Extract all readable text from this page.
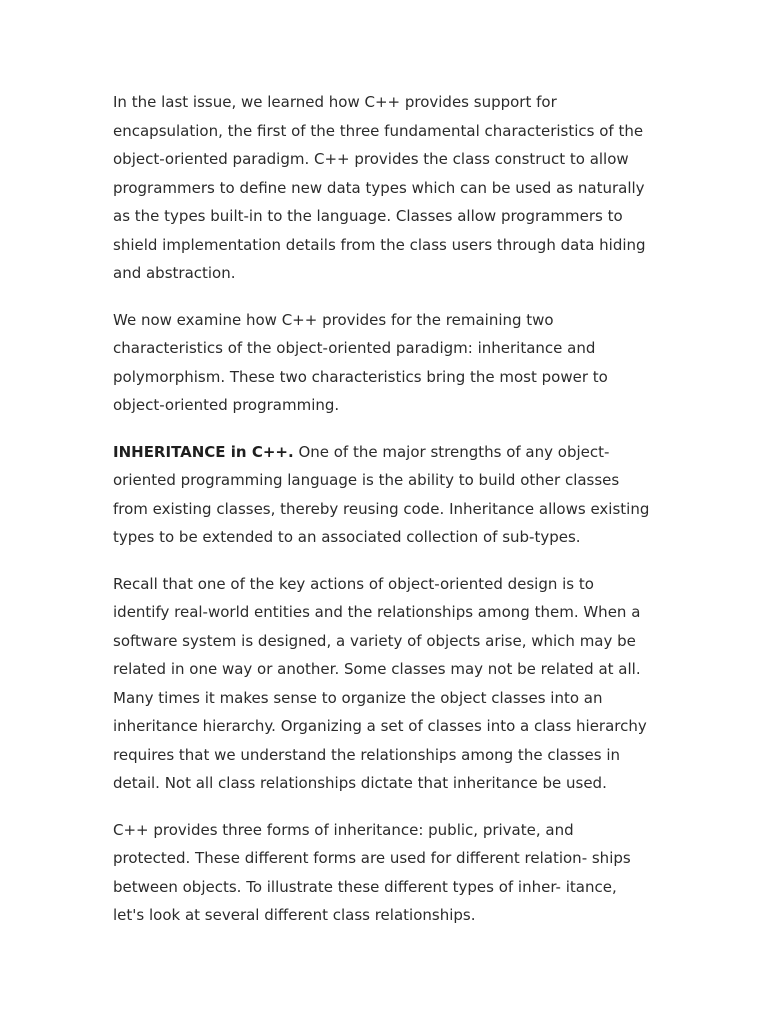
In the last issue, we learned how C++ provides support for
encapsulation, the first of the three fundamental characteristics of the
object-oriented paradigm. C++ provides the class construct to allow
programmers to define new data types which can be used as naturally
as the types built-in to the language. Classes allow programmers to
shield implementation details from the class users through data hiding
and abstraction.

We now examine how C++ provides for the remaining two
characteristics of the object-oriented paradigm: inheritance and
polymorphism. These two characteristics bring the most power to
object-oriented programming.

INHERITANCE in C++. One of the major strengths of any object-
oriented programming language is the ability to build other classes
from existing classes, thereby reusing code. Inheritance allows existing
types to be extended to an associated collection of sub-types.

Recall that one of the key actions of object-oriented design is to
identify real-world entities and the relationships among them. When a
software system is designed, a variety of objects arise, which may be
related in one way or another. Some classes may not be related at all.
Many times it makes sense to organize the object classes into an
inheritance hierarchy. Organizing a set of classes into a class hierarchy
requires that we understand the relationships among the classes in
detail. Not all class relationships dictate that inheritance be used.

C++ provides three forms of inheritance: public, private, and
protected. These different forms are used for different relation- ships
between objects. To illustrate these different types of inher- itance,
let's look at several different class relationships.
